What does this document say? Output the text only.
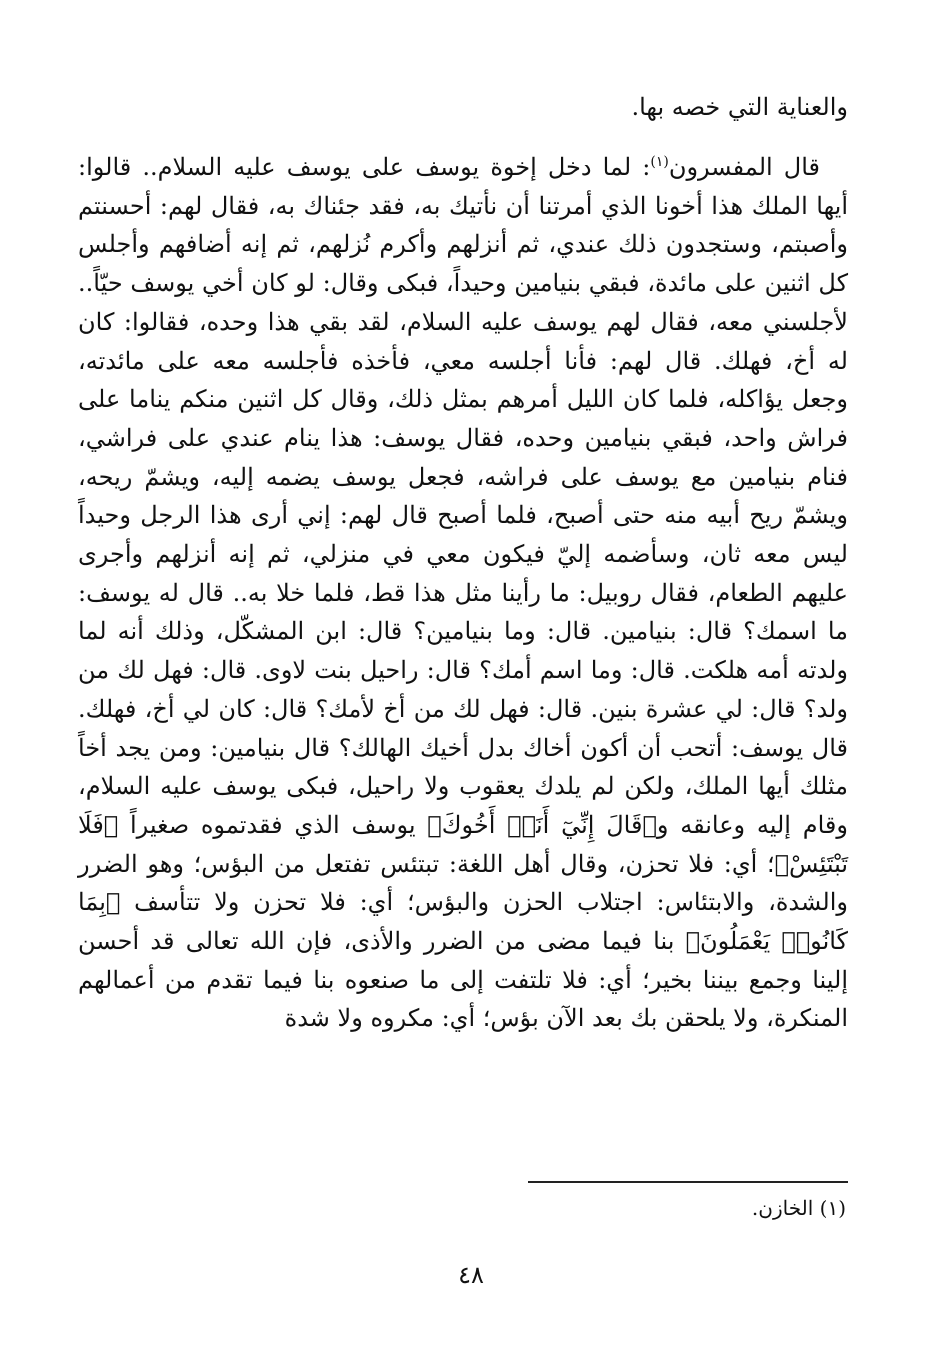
والعناية التي خصه بها.
قال المفسرون$^{(١)}$: لما دخل إخوة يوسف على يوسف عليه السلام.. قالوا: أيها الملك هذا أخونا الذي أمرتنا أن نأتيك به، فقد جئناك به، فقال لهم: أحسنتم وأصبتم، وستجدون ذلك عندي، ثم أنزلهم وأكرم نُزلهم، ثم إنه أضافهم وأجلس كل اثنين على مائدة، فبقي بنيامين وحيداً، فبكى وقال: لو كان أخي يوسف حيّاً.. لأجلسني معه، فقال لهم يوسف عليه السلام، لقد بقي هذا وحده، فقالوا: كان له أخ، فهلك. قال لهم: فأنا أجلسه معي، فأخذه فأجلسه معه على مائدته، وجعل يؤاكله، فلما كان الليل أمرهم بمثل ذلك، وقال كل اثنين منكم يناما على فراش واحد، فبقي بنيامين وحده، فقال يوسف: هذا ينام عندي على فراشي، فنام بنيامين مع يوسف على فراشه، فجعل يوسف يضمه إليه، ويشمّ ريحه، ويشمّ ريح أبيه منه حتى أصبح، فلما أصبح قال لهم: إني أرى هذا الرجل وحيداً ليس معه ثان، وسأضمه إليّ فيكون معي في منزلي، ثم إنه أنزلهم وأجرى عليهم الطعام، فقال روبيل: ما رأينا مثل هذا قط، فلما خلا به.. قال له يوسف: ما اسمك؟ قال: بنيامين. قال: وما بنيامين؟ قال: ابن المشكّل، وذلك أنه لما ولدته أمه هلكت. قال: وما اسم أمك؟ قال: راحيل بنت لاوى. قال: فهل لك من ولد؟ قال: لي عشرة بنين. قال: فهل لك من أخ لأمك؟ قال: كان لي أخ، فهلك. قال يوسف: أتحب أن أكون أخاك بدل أخيك الهالك؟ قال بنيامين: ومن يجد أخاً مثلك أيها الملك، ولكن لم يلدك يعقوب ولا راحيل، فبكى يوسف عليه السلام، وقام إليه وعانقه و﴿قَالَ إِنِّيٓ أَنَا۠ أَخُوكَ﴾ يوسف الذي فقدتموه صغيراً ﴿فَلَا تَبْتَئِسْ﴾؛ أي: فلا تحزن، وقال أهل اللغة: تبتئس تفتعل من البؤس؛ وهو الضرر والشدة، والابتئاس: اجتلاب الحزن والبؤس؛ أي: فلا تحزن ولا تتأسف ﴿بِمَا كَانُوا۟ يَعْمَلُونَ﴾ بنا فيما مضى من الضرر والأذى، فإن الله تعالى قد أحسن إلينا وجمع بيننا بخير؛ أي: فلا تلتفت إلى ما صنعوه بنا فيما تقدم من أعمالهم المنكرة، ولا يلحقن بك بعد الآن بؤس؛ أي: مكروه ولا شدة
(١) الخازن.
٤٨
